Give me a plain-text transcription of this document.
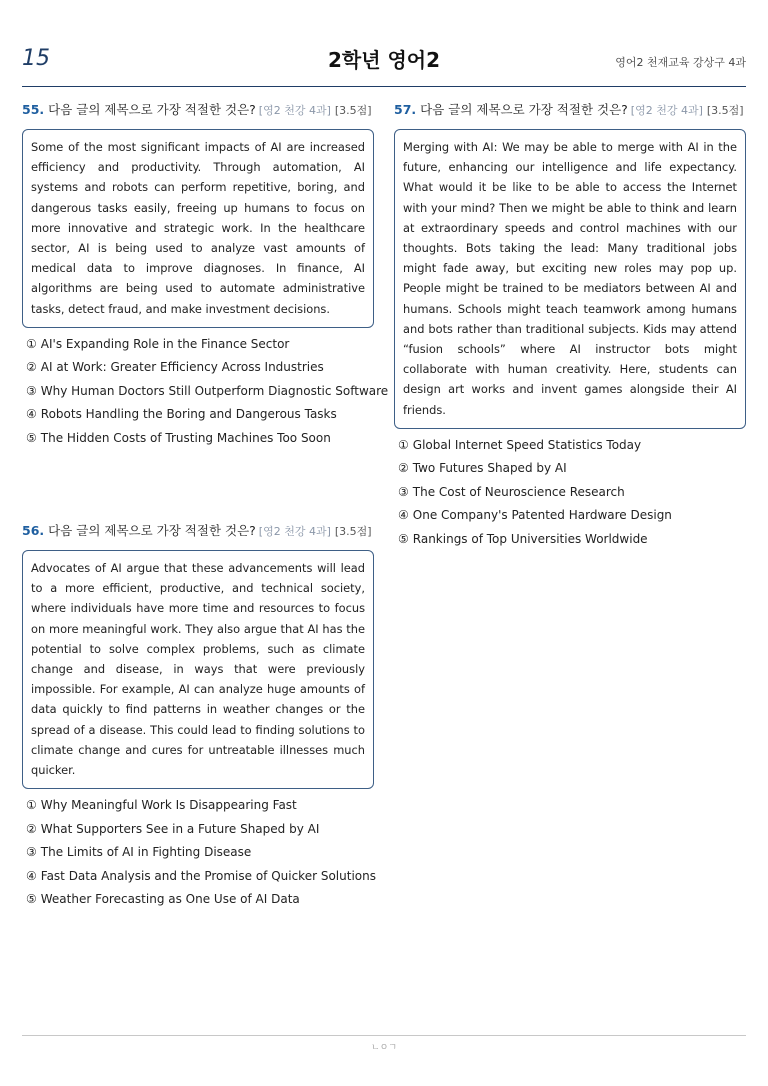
15	2학년 영어2	영어2 천재교육 강상구 4과
55. 다음 글의 제목으로 가장 적절한 것은? [영2 천강 4과] [3.5점]
Some of the most significant impacts of AI are increased efficiency and productivity. Through automation, AI systems and robots can perform repetitive, boring, and dangerous tasks easily, freeing up humans to focus on more innovative and strategic work. In the healthcare sector, AI is being used to analyze vast amounts of medical data to improve diagnoses. In finance, AI algorithms are being used to automate administrative tasks, detect fraud, and make investment decisions.
① AI's Expanding Role in the Finance Sector
② AI at Work: Greater Efficiency Across Industries
③ Why Human Doctors Still Outperform Diagnostic Software
④ Robots Handling the Boring and Dangerous Tasks
⑤ The Hidden Costs of Trusting Machines Too Soon
56. 다음 글의 제목으로 가장 적절한 것은? [영2 천강 4과] [3.5점]
Advocates of AI argue that these advancements will lead to a more efficient, productive, and technical society, where individuals have more time and resources to focus on more meaningful work. They also argue that AI has the potential to solve complex problems, such as climate change and disease, in ways that were previously impossible. For example, AI can analyze huge amounts of data quickly to find patterns in weather changes or the spread of a disease. This could lead to finding solutions to climate change and cures for untreatable illnesses much quicker.
① Why Meaningful Work Is Disappearing Fast
② What Supporters See in a Future Shaped by AI
③ The Limits of AI in Fighting Disease
④ Fast Data Analysis and the Promise of Quicker Solutions
⑤ Weather Forecasting as One Use of AI Data
57. 다음 글의 제목으로 가장 적절한 것은? [영2 천강 4과] [3.5점]
Merging with AI: We may be able to merge with AI in the future, enhancing our intelligence and life expectancy. What would it be like to be able to access the Internet with your mind? Then we might be able to think and learn at extraordinary speeds and control machines with our thoughts. Bots taking the lead: Many traditional jobs might fade away, but exciting new roles may pop up. People might be trained to be mediators between AI and humans. Schools might teach teamwork among humans and bots rather than traditional subjects. Kids may attend “fusion schools” where AI instructor bots might collaborate with human creativity. Here, students can design art works and invent games alongside their AI friends.
① Global Internet Speed Statistics Today
② Two Futures Shaped by AI
③ The Cost of Neuroscience Research
④ One Company's Patented Hardware Design
⑤ Rankings of Top Universities Worldwide
ㄴㅇㄱ
